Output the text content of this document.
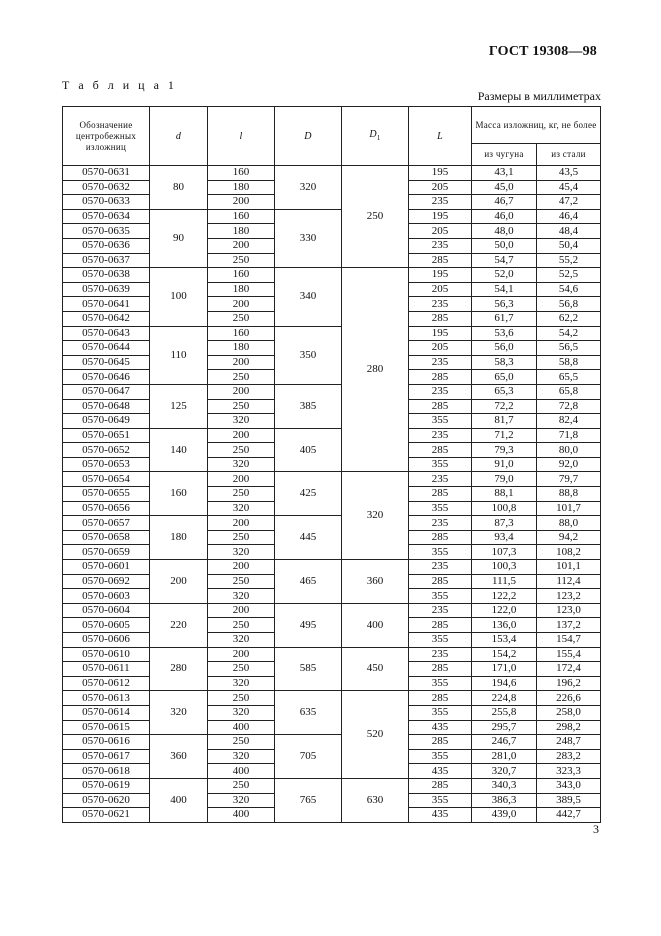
ГОСТ 19308—98
Т а б л и ц а 1
Размеры в миллиметрах
Обозначение центробежных изложниц	d	l	D	$D_1$	L	Масса изложниц, кг, не более	
						из чугуна	из стали
0570-0631	80	160	320	250	195	43,1	43,5
0570-0632		180			205	45,0	45,4
0570-0633		200			235	46,7	47,2
0570-0634	90	160	330		195	46,0	46,4
0570-0635		180			205	48,0	48,4
0570-0636		200			235	50,0	50,4
0570-0637		250			285	54,7	55,2
0570-0638	100	160	340	280	195	52,0	52,5
0570-0639		180			205	54,1	54,6
0570-0641		200			235	56,3	56,8
0570-0642		250			285	61,7	62,2
0570-0643	110	160	350		195	53,6	54,2
0570-0644		180			205	56,0	56,5
0570-0645		200			235	58,3	58,8
0570-0646		250			285	65,0	65,5
0570-0647	125	200	385		235	65,3	65,8
0570-0648		250			285	72,2	72,8
0570-0649		320			355	81,7	82,4
0570-0651	140	200	405		235	71,2	71,8
0570-0652		250			285	79,3	80,0
0570-0653		320			355	91,0	92,0
0570-0654	160	200	425	320	235	79,0	79,7
0570-0655		250			285	88,1	88,8
0570-0656		320			355	100,8	101,7
0570-0657	180	200	445		235	87,3	88,0
0570-0658		250			285	93,4	94,2
0570-0659		320			355	107,3	108,2
0570-0601	200	200	465	360	235	100,3	101,1
0570-0692		250			285	111,5	112,4
0570-0603		320			355	122,2	123,2
0570-0604	220	200	495	400	235	122,0	123,0
0570-0605		250			285	136,0	137,2
0570-0606		320			355	153,4	154,7
0570-0610	280	200	585	450	235	154,2	155,4
0570-0611		250			285	171,0	172,4
0570-0612		320			355	194,6	196,2
0570-0613	320	250	635	520	285	224,8	226,6
0570-0614		320			355	255,8	258,0
0570-0615		400			435	295,7	298,2
0570-0616	360	250	705		285	246,7	248,7
0570-0617		320			355	281,0	283,2
0570-0618		400			435	320,7	323,3
0570-0619	400	250	765	630	285	340,3	343,0
0570-0620		320			355	386,3	389,5
0570-0621		400			435	439,0	442,7
3
